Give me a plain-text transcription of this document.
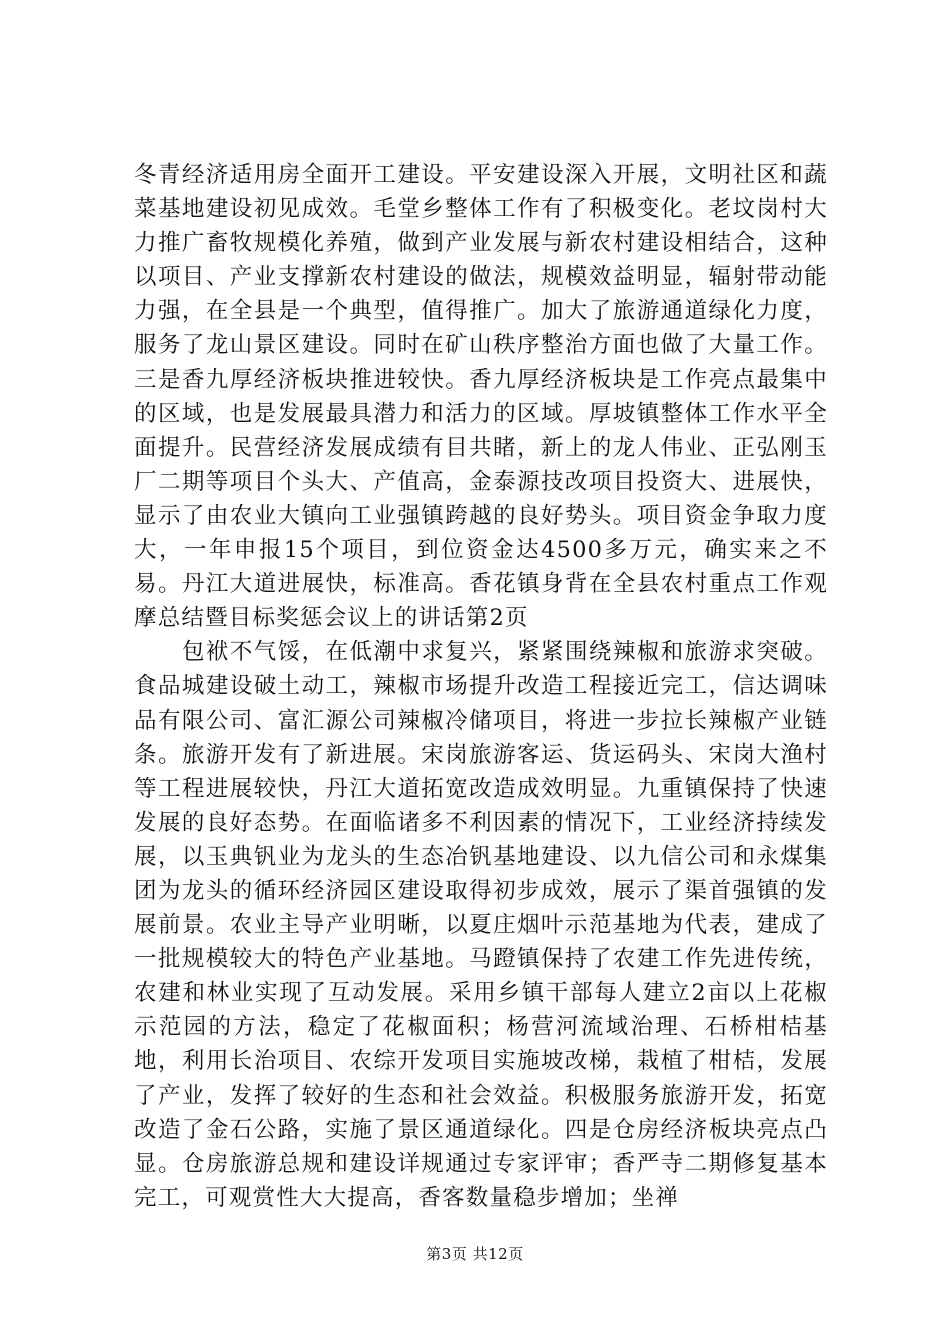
冬青经济适用房全面开工建设。平安建设深入开展，文明社区和蔬菜基地建设初见成效。毛堂乡整体工作有了积极变化。老坟岗村大力推广畜牧规模化养殖，做到产业发展与新农村建设相结合，这种以项目、产业支撑新农村建设的做法，规模效益明显，辐射带动能力强，在全县是一个典型，值得推广。加大了旅游通道绿化力度，服务了龙山景区建设。同时在矿山秩序整治方面也做了大量工作。三是香九厚经济板块推进较快。香九厚经济板块是工作亮点最集中的区域，也是发展最具潜力和活力的区域。厚坡镇整体工作水平全面提升。民营经济发展成绩有目共睹，新上的龙人伟业、正弘刚玉厂二期等项目个头大、产值高，金泰源技改项目投资大、进展快，显示了由农业大镇向工业强镇跨越的良好势头。项目资金争取力度大，一年申报15个项目，到位资金达4500多万元，确实来之不易。丹江大道进展快，标准高。香花镇身背在全县农村重点工作观摩总结暨目标奖惩会议上的讲话第2页

包袱不气馁，在低潮中求复兴，紧紧围绕辣椒和旅游求突破。食品城建设破土动工，辣椒市场提升改造工程接近完工，信达调味品有限公司、富汇源公司辣椒冷储项目，将进一步拉长辣椒产业链条。旅游开发有了新进展。宋岗旅游客运、货运码头、宋岗大渔村等工程进展较快，丹江大道拓宽改造成效明显。九重镇保持了快速发展的良好态势。在面临诸多不利因素的情况下，工业经济持续发展，以玉典钒业为龙头的生态冶钒基地建设、以九信公司和永煤集团为龙头的循环经济园区建设取得初步成效，展示了渠首强镇的发展前景。农业主导产业明晰，以夏庄烟叶示范基地为代表，建成了一批规模较大的特色产业基地。马蹬镇保持了农建工作先进传统，农建和林业实现了互动发展。采用乡镇干部每人建立2亩以上花椒示范园的方法，稳定了花椒面积；杨营河流域治理、石桥柑桔基地，利用长治项目、农综开发项目实施坡改梯，栽植了柑桔，发展了产业，发挥了较好的生态和社会效益。积极服务旅游开发，拓宽改造了金石公路，实施了景区通道绿化。四是仓房经济板块亮点凸显。仓房旅游总规和建设详规通过专家评审；香严寺二期修复基本完工，可观赏性大大提高，香客数量稳步增加；坐禅

第3页 共12页
